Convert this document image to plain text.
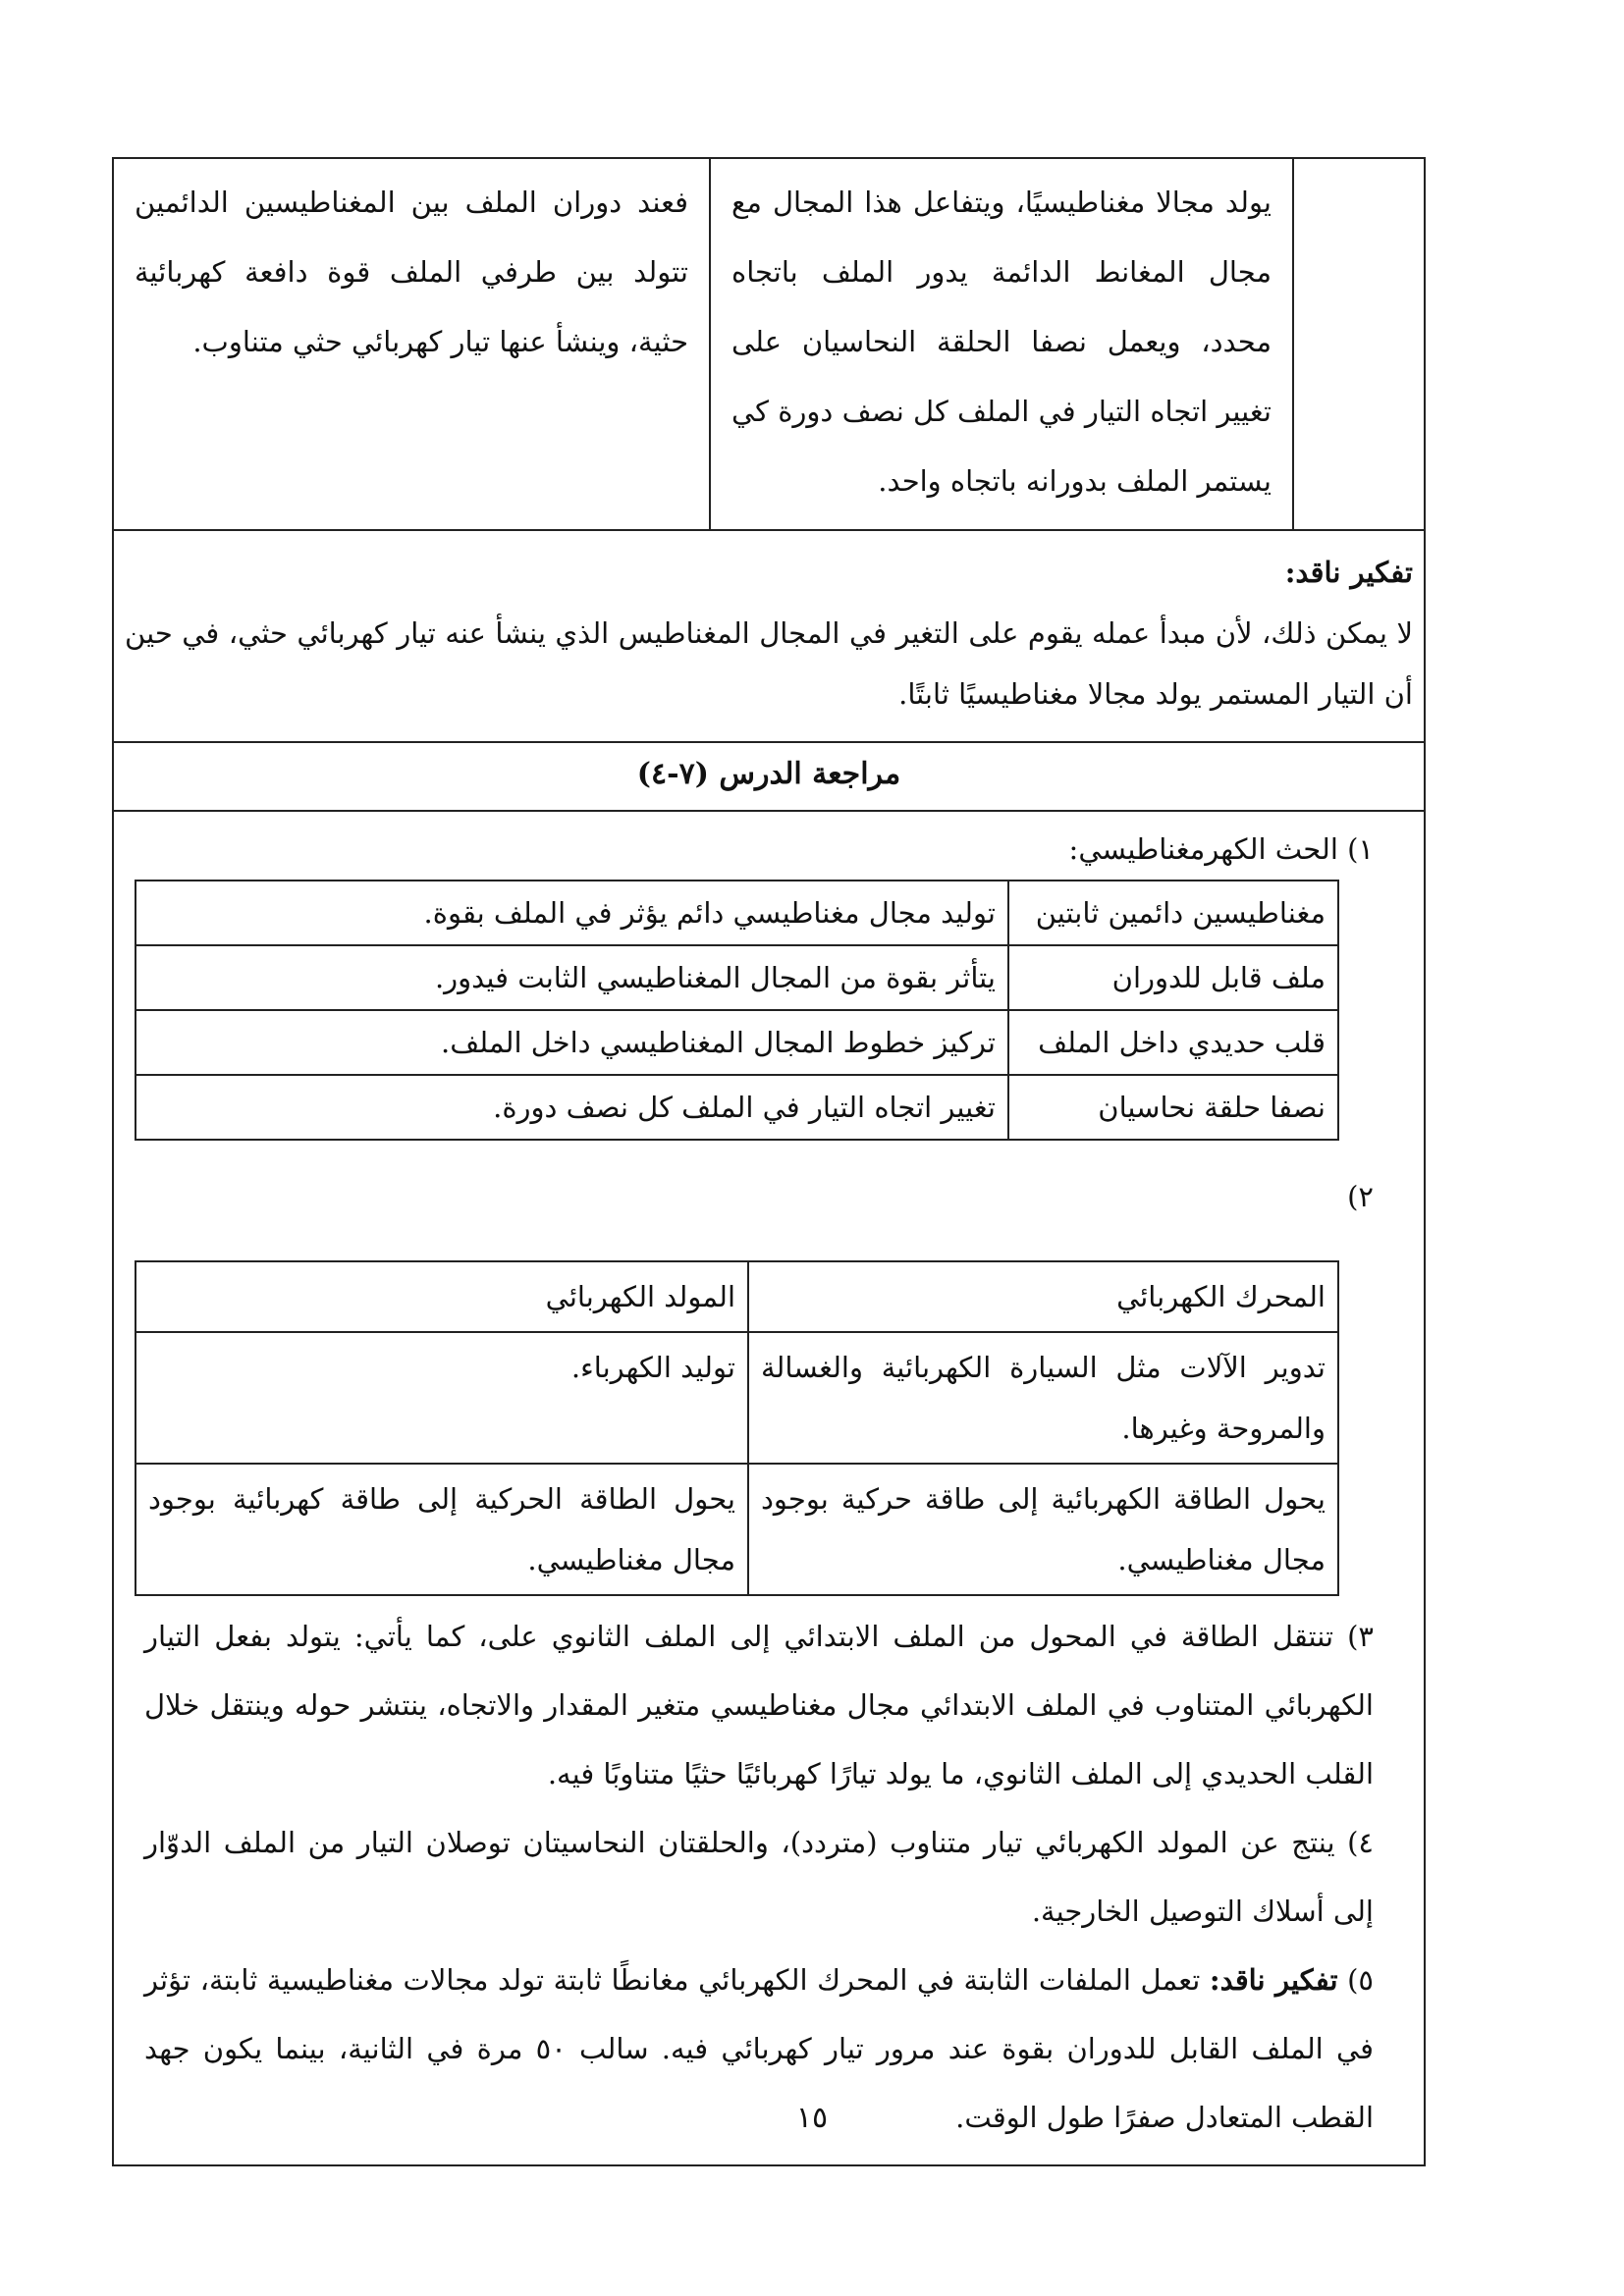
يولد مجالا مغناطيسيًا، ويتفاعل هذا المجال مع مجال المغانط الدائمة يدور الملف باتجاه محدد، ويعمل نصفا الحلقة النحاسيان على تغيير اتجاه التيار في الملف كل نصف دورة كي يستمر الملف بدورانه باتجاه واحد.

فعند دوران الملف بين المغناطيسين الدائمين تتولد بين طرفي الملف قوة دافعة كهربائية حثية، وينشأ عنها تيار كهربائي حثي متناوب.

تفكير ناقد:
لا يمكن ذلك، لأن مبدأ عمله يقوم على التغير في المجال المغناطيس الذي ينشأ عنه تيار كهربائي حثي، في حين أن التيار المستمر يولد مجالا مغناطيسيًا ثابتًا.

مراجعة الدرس (٧-٤)

١) الحث الكهرمغناطيسي:
مغناطيسين دائمين ثابتين	توليد مجال مغناطيسي دائم يؤثر في الملف بقوة.
ملف قابل للدوران	يتأثر بقوة من المجال المغناطيسي الثابت فيدور.
قلب حديدي داخل الملف	تركيز خطوط المجال المغناطيسي داخل الملف.
نصفا حلقة نحاسيان	تغيير اتجاه التيار في الملف كل نصف دورة.
٢)
المحرك الكهربائي	المولد الكهربائي
تدوير الآلات مثل السيارة الكهربائية والغسالة والمروحة وغيرها.	توليد الكهرباء.
يحول الطاقة الكهربائية إلى طاقة حركية بوجود مجال مغناطيسي.	يحول الطاقة الحركية إلى طاقة كهربائية بوجود مجال مغناطيسي.
٣) تنتقل الطاقة في المحول من الملف الابتدائي إلى الملف الثانوي على، كما يأتي: يتولد بفعل التيار الكهربائي المتناوب في الملف الابتدائي مجال مغناطيسي متغير المقدار والاتجاه، ينتشر حوله وينتقل خلال القلب الحديدي إلى الملف الثانوي، ما يولد تيارًا كهربائيًا حثيًا متناوبًا فيه.
٤) ينتج عن المولد الكهربائي تيار متناوب (متردد)، والحلقتان النحاسيتان توصلان التيار من الملف الدوّار إلى أسلاك التوصيل الخارجية.
٥) تفكير ناقد: تعمل الملفات الثابتة في المحرك الكهربائي مغانطًا ثابتة تولد مجالات مغناطيسية ثابتة، تؤثر في الملف القابل للدوران بقوة عند مرور تيار كهربائي فيه. سالب ٥٠ مرة في الثانية، بينما يكون جهد القطب المتعادل صفرًا طول الوقت.
١٥
